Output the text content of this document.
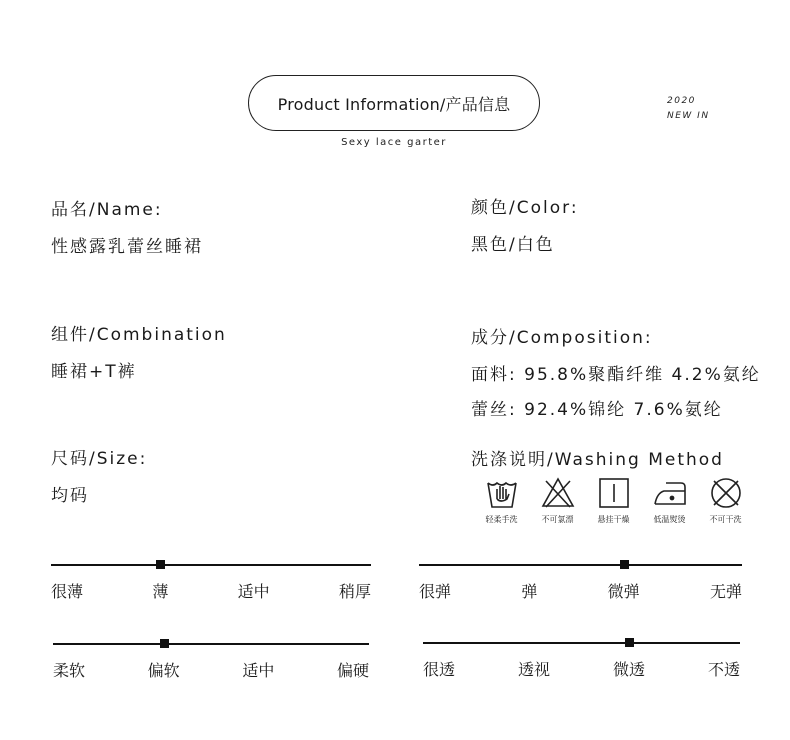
Product Information/产品信息
Sexy lace garter
2020
NEW IN
品名/Name:
性感露乳蕾丝睡裙
组件/Combination
睡裙+T裤
尺码/Size:
均码
颜色/Color:
黑色/白色
成分/Composition:
面料: 95.8%聚酯纤维 4.2%氨纶
蕾丝: 92.4%锦纶 7.6%氨纶
洗涤说明/Washing Method
轻柔手洗	不可氯漂	悬挂干燥	低温熨烫	不可干洗
很薄	薄	适中	稍厚	很弹	弹	微弹	无弹
柔软	偏软	适中	偏硬	很透	透视	微透	不透
